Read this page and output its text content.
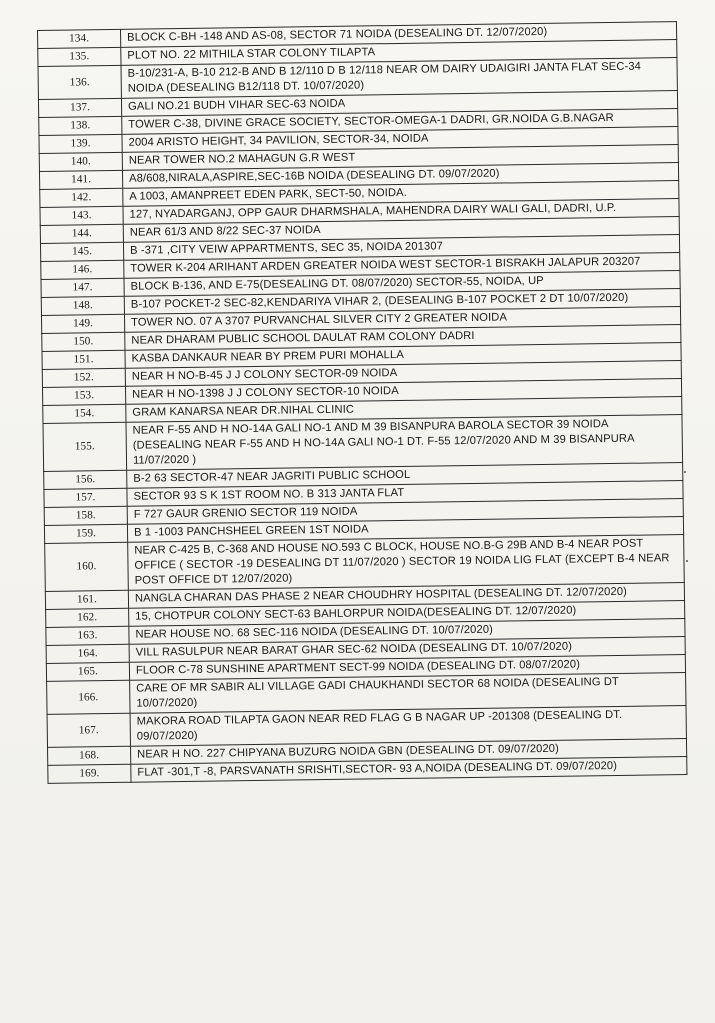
134.	BLOCK C-BH -148 AND AS-08, SECTOR 71 NOIDA (DESEALING DT. 12/07/2020)
135.	PLOT NO. 22 MITHILA STAR COLONY TILAPTA
136.	B-10/231-A, B-10 212-B AND B 12/110 D B 12/118 NEAR OM DAIRY UDAIGIRI JANTA FLAT SEC-34 NOIDA (DESEALING B12/118 DT. 10/07/2020)
137.	GALI NO.21 BUDH VIHAR SEC-63 NOIDA
138.	TOWER C-38, DIVINE GRACE SOCIETY, SECTOR-OMEGA-1 DADRI, GR.NOIDA G.B.NAGAR
139.	2004 ARISTO HEIGHT, 34 PAVILION, SECTOR-34, NOIDA
140.	NEAR TOWER NO.2 MAHAGUN G.R WEST
141.	A8/608,NIRALA,ASPIRE,SEC-16B NOIDA (DESEALING DT. 09/07/2020)
142.	A 1003, AMANPREET EDEN PARK, SECT-50, NOIDA.
143.	127, NYADARGANJ, OPP GAUR DHARMSHALA, MAHENDRA DAIRY WALI GALI, DADRI, U.P.
144.	NEAR 61/3 AND 8/22 SEC-37 NOIDA
145.	B -371 ,CITY VEIW APPARTMENTS, SEC 35, NOIDA 201307
146.	TOWER K-204 ARIHANT ARDEN GREATER NOIDA WEST SECTOR-1 BISRAKH JALAPUR 203207
147.	BLOCK B-136, AND E-75(DESEALING DT. 08/07/2020) SECTOR-55, NOIDA, UP
148.	B-107 POCKET-2 SEC-82,KENDARIYA VIHAR 2, (DESEALING B-107 POCKET 2 DT 10/07/2020)
149.	TOWER NO. 07 A 3707 PURVANCHAL SILVER CITY 2 GREATER NOIDA
150.	NEAR DHARAM PUBLIC SCHOOL DAULAT RAM COLONY DADRI
151.	KASBA DANKAUR NEAR BY PREM PURI MOHALLA
152.	NEAR H NO-B-45 J J COLONY SECTOR-09 NOIDA
153.	NEAR H NO-1398 J J COLONY SECTOR-10 NOIDA
154.	GRAM KANARSA NEAR DR.NIHAL CLINIC
155.	NEAR F-55 AND H NO-14A GALI NO-1 AND M 39 BISANPURA BAROLA SECTOR 39 NOIDA (DESEALING NEAR F-55 AND H NO-14A GALI NO-1 DT. F-55 12/07/2020 AND M 39 BISANPURA 11/07/2020 )
156.	B-2 63 SECTOR-47 NEAR JAGRITI PUBLIC SCHOOL
157.	SECTOR 93 S K 1ST ROOM NO. B 313 JANTA FLAT
158.	F 727 GAUR GRENIO SECTOR 119 NOIDA
159.	B 1 -1003 PANCHSHEEL GREEN 1ST NOIDA
160.	NEAR C-425 B, C-368 AND HOUSE NO.593 C BLOCK, HOUSE NO.B-G 29B AND B-4 NEAR POST OFFICE ( SECTOR -19 DESEALING DT 11/07/2020 ) SECTOR 19 NOIDA LIG FLAT (EXCEPT B-4 NEAR POST OFFICE DT 12/07/2020)
161.	NANGLA CHARAN DAS PHASE 2 NEAR CHOUDHRY HOSPITAL (DESEALING DT. 12/07/2020)
162.	15, CHOTPUR COLONY SECT-63 BAHLORPUR NOIDA(DESEALING DT. 12/07/2020)
163.	NEAR HOUSE NO. 68 SEC-116 NOIDA (DESEALING DT. 10/07/2020)
164.	VILL RASULPUR NEAR BARAT GHAR SEC-62 NOIDA (DESEALING DT. 10/07/2020)
165.	FLOOR C-78 SUNSHINE APARTMENT SECT-99 NOIDA (DESEALING DT. 08/07/2020)
166.	CARE OF MR SABIR ALI VILLAGE GADI CHAUKHANDI SECTOR 68 NOIDA (DESEALING DT 10/07/2020)
167.	MAKORA ROAD TILAPTA GAON NEAR RED FLAG G B NAGAR UP -201308 (DESEALING DT. 09/07/2020)
168.	NEAR H NO. 227 CHIPYANA BUZURG NOIDA GBN (DESEALING DT. 09/07/2020)
169.	FLAT -301,T -8, PARSVANATH SRISHTI,SECTOR- 93 A,NOIDA (DESEALING DT. 09/07/2020)
